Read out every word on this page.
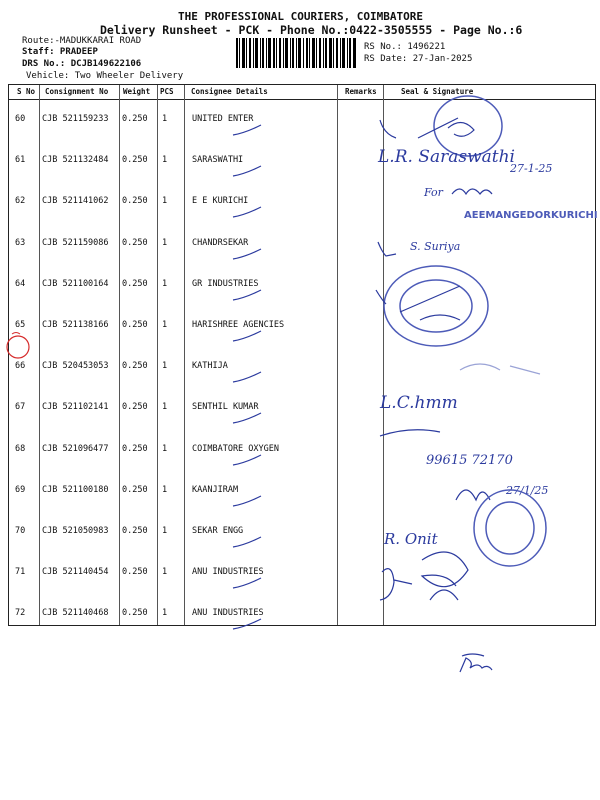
THE PROFESSIONAL COURIERS, COIMBATORE
Delivery Runsheet - PCK - Phone No.:0422-3505555 - Page No.:6
Route:-MADUKKARAI ROAD
Staff: PRADEEP
DRS No.: DCJB149622106
Vehicle: Two Wheeler Delivery
RS No.: 1496221
RS Date: 27-Jan-2025
S No Consignment No Weight PCS Consignee Details	Remarks	Seal & Signature
60 CJB 521159233 0.250 1	UNITED ENTER
61 CJB 521132484 0.250 1	SARASWATHI
62 CJB 521141062 0.250 1	E E KURICHI
63 CJB 521159086 0.250 1	CHANDRSEKAR
64 CJB 521100164 0.250 1	GR INDUSTRIES
65 CJB 521138166 0.250 1	HARISHREE AGENCIES
66 CJB 520453053 0.250 1	KATHIJA
67 CJB 521102141 0.250 1	SENTHIL KUMAR
68 CJB 521096477 0.250 1	COIMBATORE OXYGEN
69 CJB 521100180 0.250 1	KAANJIRAM
70 CJB 521050983 0.250 1	SEKAR ENGG
71 CJB 521140454 0.250 1	ANU INDUSTRIES
72 CJB 521140468 0.250 1	ANU INDUSTRIES
L.R. Saraswathi
27-1-25
For
AEEMANGEDORKURICHI
S. Suriya
L.C.hmm
99615 72170
27/1/25
R. Onit
